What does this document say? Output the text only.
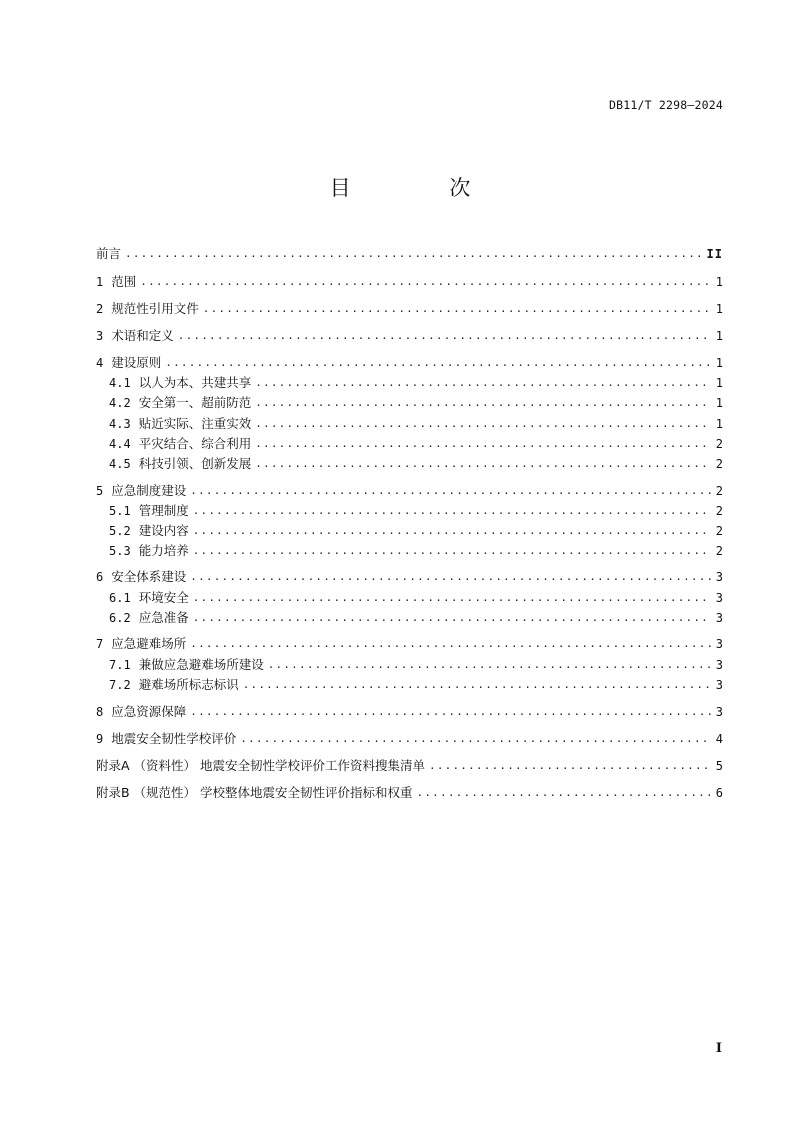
DB11/T 2298—2024
目 次
前言 .....	II
1 范围 .....	1
2 规范性引用文件 .....	1
3 术语和定义 .....	1
4 建设原则 .....	1
4.1 以人为本、共建共享 .....	1
4.2 安全第一、超前防范 .....	1
4.3 贴近实际、注重实效 .....	1
4.4 平灾结合、综合利用 .....	2
4.5 科技引领、创新发展 .....	2
5 应急制度建设 .....	2
5.1 管理制度 .....	2
5.2 建设内容 .....	2
5.3 能力培养 .....	2
6 安全体系建设 .....	3
6.1 环境安全 .....	3
6.2 应急准备 .....	3
7 应急避难场所 .....	3
7.1 兼做应急避难场所建设 .....	3
7.2 避难场所标志标识 .....	3
8 应急资源保障 .....	3
9 地震安全韧性学校评价 .....	4
附录A （资料性） 地震安全韧性学校评价工作资料搜集清单 .....	5
附录B （规范性） 学校整体地震安全韧性评价指标和权重 .....	6
I
